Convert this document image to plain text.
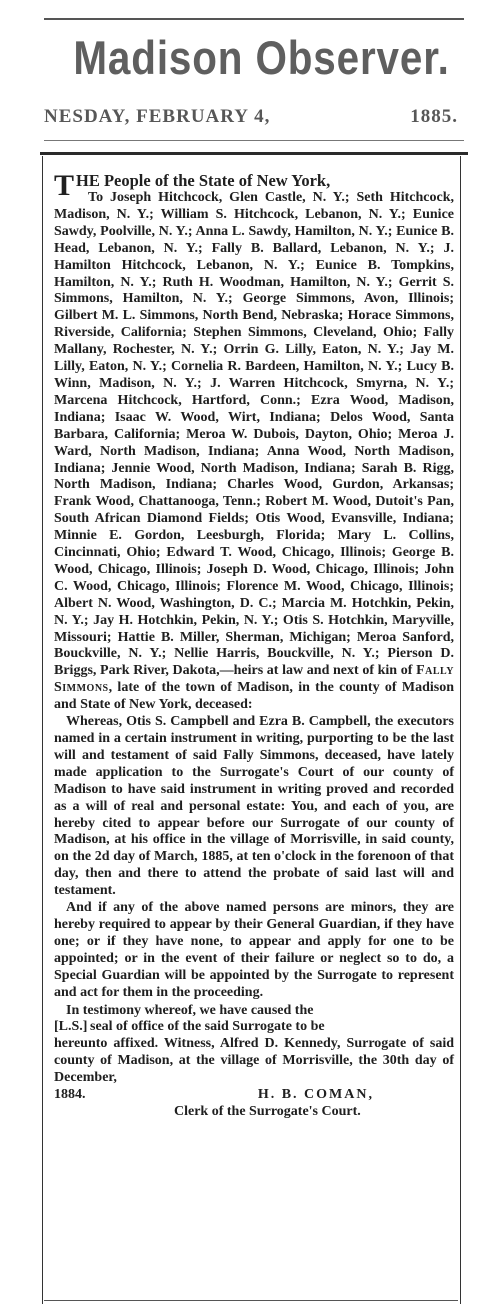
Madison Observer.
NESDAY, FEBRUARY 4,	1885.

THE People of the State of New York,

To Joseph Hitchcock, Glen Castle, N. Y.; Seth Hitchcock, Madison, N. Y.; William S. Hitchcock, Lebanon, N. Y.; Eunice Sawdy, Poolville, N. Y.; Anna L. Sawdy, Hamilton, N. Y.; Eunice B. Head, Lebanon, N. Y.; Fally B. Ballard, Lebanon, N. Y.; J. Hamilton Hitchcock, Lebanon, N. Y.; Eunice B. Tompkins, Hamilton, N. Y.; Ruth H. Woodman, Hamilton, N. Y.; Gerrit S. Simmons, Hamilton, N. Y.; George Simmons, Avon, Illinois; Gilbert M. L. Simmons, North Bend, Nebraska; Horace Simmons, Riverside, California; Stephen Simmons, Cleveland, Ohio; Fally Mallany, Rochester, N. Y.; Orrin G. Lilly, Eaton, N. Y.; Jay M. Lilly, Eaton, N. Y.; Cornelia R. Bardeen, Hamilton, N. Y.; Lucy B. Winn, Madison, N. Y.; J. Warren Hitchcock, Smyrna, N. Y.; Marcena Hitchcock, Hartford, Conn.; Ezra Wood, Madison, Indiana; Isaac W. Wood, Wirt, Indiana; Delos Wood, Santa Barbara, California; Meroa W. Dubois, Dayton, Ohio; Meroa J. Ward, North Madison, Indiana; Anna Wood, North Madison, Indiana; Jennie Wood, North Madison, Indiana; Sarah B. Rigg, North Madison, Indiana; Charles Wood, Gurdon, Arkansas; Frank Wood, Chattanooga, Tenn.; Robert M. Wood, Dutoit's Pan, South African Diamond Fields; Otis Wood, Evansville, Indiana; Minnie E. Gordon, Leesburgh, Florida; Mary L. Collins, Cincinnati, Ohio; Edward T. Wood, Chicago, Illinois; George B. Wood, Chicago, Illinois; Joseph D. Wood, Chicago, Illinois; John C. Wood, Chicago, Illinois; Florence M. Wood, Chicago, Illinois; Albert N. Wood, Washington, D. C.; Marcia M. Hotchkin, Pekin, N. Y.; Jay H. Hotchkin, Pekin, N. Y.; Otis S. Hotchkin, Maryville, Missouri; Hattie B. Miller, Sherman, Michigan; Meroa Sanford, Bouckville, N. Y.; Nellie Harris, Bouckville, N. Y.; Pierson D. Briggs, Park River, Dakota,—heirs at law and next of kin of Fally Simmons, late of the town of Madison, in the county of Madison and State of New York, deceased:

Whereas, Otis S. Campbell and Ezra B. Campbell, the executors named in a certain instrument in writing, purporting to be the last will and testament of said Fally Simmons, deceased, have lately made application to the Surrogate's Court of our county of Madison to have said instrument in writing proved and recorded as a will of real and personal estate: You, and each of you, are hereby cited to appear before our Surrogate of our county of Madison, at his office in the village of Morrisville, in said county, on the 2d day of March, 1885, at ten o'clock in the forenoon of that day, then and there to attend the probate of said last will and testament.

And if any of the above named persons are minors, they are hereby required to appear by their General Guardian, if they have one; or if they have none, to appear and apply for one to be appointed; or in the event of their failure or neglect so to do, a Special Guardian will be appointed by the Surrogate to represent and act for them in the proceeding.

In testimony whereof, we have caused the

[L.S.] seal of office of the said Surrogate to be

hereunto affixed. Witness, Alfred D. Kennedy, Surrogate of said county of Madison, at the village of Morrisville, the 30th day of December,

1884.	H. B. COMAN,

Clerk of the Surrogate's Court.
